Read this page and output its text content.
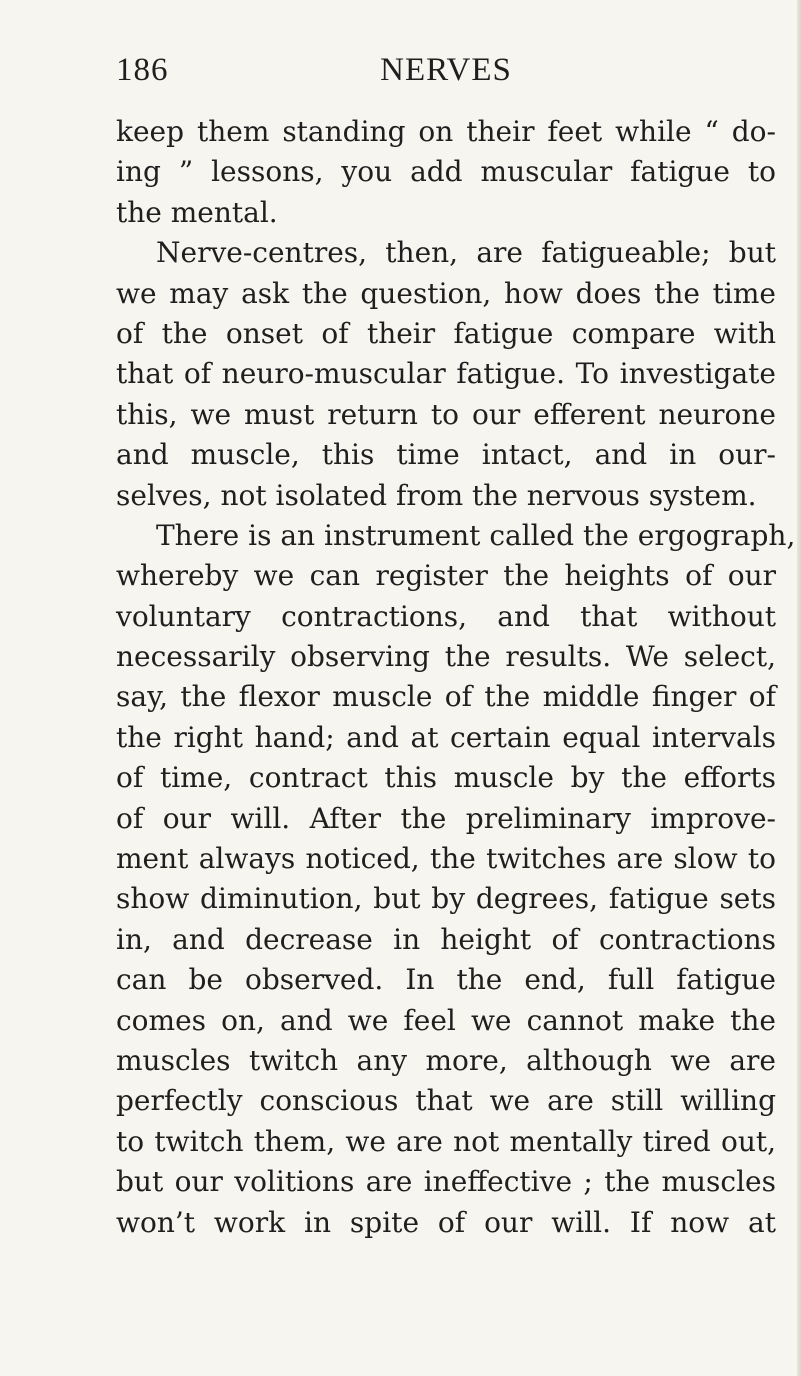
186	NERVES
keep them standing on their feet while “ do-
ing ” lessons, you add muscular fatigue to
the mental.
Nerve-centres, then, are fatigueable; but
we may ask the question, how does the time
of the onset of their fatigue compare with
that of neuro-muscular fatigue. To investigate
this, we must return to our efferent neurone
and muscle, this time intact, and in our-
selves, not isolated from the nervous system.
There is an instrument called the ergograph,
whereby we can register the heights of our
voluntary contractions, and that without
necessarily observing the results. We select,
say, the flexor muscle of the middle finger of
the right hand; and at certain equal intervals
of time, contract this muscle by the efforts
of our will. After the preliminary improve-
ment always noticed, the twitches are slow to
show diminution, but by degrees, fatigue sets
in, and decrease in height of contractions
can be observed. In the end, full fatigue
comes on, and we feel we cannot make the
muscles twitch any more, although we are
perfectly conscious that we are still willing
to twitch them, we are not mentally tired out,
but our volitions are ineffective ; the muscles
won’t work in spite of our will. If now at
